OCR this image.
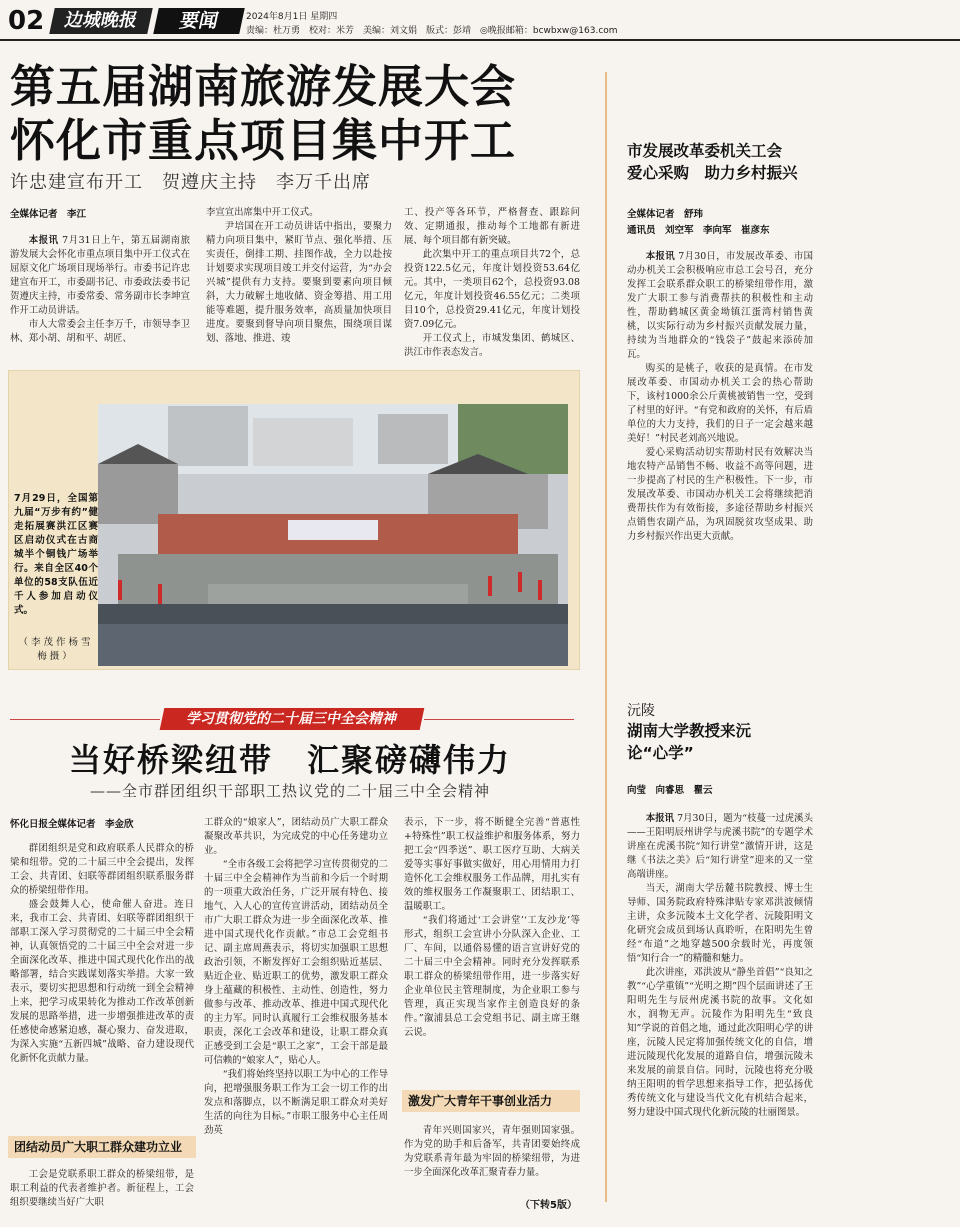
02	边城晚报	要闻	2024年8月1日 星期四
责编：杜万勇　校对：米芳　美编：刘文娟　版式：彭靖　◎晚报邮箱：bcwbxw@163.com
第五届湖南旅游发展大会
怀化市重点项目集中开工
许忠建宣布开工　贺遵庆主持　李万千出席
全媒体记者　李江

本报讯 7月31日上午，第五届湖南旅游发展大会怀化市重点项目集中开工仪式在屈原文化广场项目现场举行。市委书记许忠建宣布开工，市委副书记、市委政法委书记贺遵庆主持，市委常委、常务副市长李坤宣作开工动员讲话。

市人大常委会主任李万千，市领导李卫林、郑小胡、胡和平、胡匠、

李宣宣出席集中开工仪式。

尹培国在开工动员讲话中指出，要聚力精力向项目集中，紧盯节点、强化举措、压实责任，倒排工期、挂图作战，全力以赴按计划要求实现项目竣工并交付运营，为“办会兴城”提供有力支持。要聚到要素向项目倾斜，大力破解土地收储、资金筹措、用工用能等难题，提升服务效率，高质量加快项目进度。要聚到督导向项目聚焦，围绕项目谋划、落地、推进、竣

工、投产等各环节，严格督查、跟踪问效、定期通报，推动每个工地都有新进展、每个项目都有新突破。

此次集中开工的重点项目共72个，总投资122.5亿元，年度计划投资53.64亿元。其中，一类项目62个，总投资93.08亿元，年度计划投资46.55亿元；二类项目10个，总投资29.41亿元，年度计划投资7.09亿元。

开工仪式上，市城发集团、鹤城区、洪江市作表态发言。

7月29日，全国第九届“万步有约”健走拓展赛洪江区赛区启动仪式在古商城半个铜钱广场举行。来自全区40个单位的58支队伍近千人参加启动仪式。
（李茂作杨雪梅摄）
学习贯彻党的二十届三中全会精神
当好桥梁纽带　汇聚磅礴伟力
——全市群团组织干部职工热议党的二十届三中全会精神
怀化日报全媒体记者　李金欣

群团组织是党和政府联系人民群众的桥梁和纽带。党的二十届三中全会提出，发挥工会、共青团、妇联等群团组织联系服务群众的桥梁纽带作用。

盛会鼓舞人心，使命催人奋进。连日来，我市工会、共青团、妇联等群团组织干部职工深入学习贯彻党的二十届三中全会精神，认真领悟党的二十届三中全会对进一步全面深化改革、推进中国式现代化作出的战略部署，结合实践谋划落实举措。大家一致表示，要切实把思想和行动统一到全会精神上来，把学习成果转化为推动工作改革创新发展的思路举措，进一步增强推进改革的责任感使命感紧迫感，凝心聚力、奋发进取，为深入实施“五新四城”战略、奋力建设现代化新怀化贡献力量。

团结动员广大职工群众建功立业

工会是党联系职工群众的桥梁纽带，是职工利益的代表者维护者。新征程上，工会组织要继续当好广大职

工群众的“娘家人”，团结动员广大职工群众凝聚改革共识，为完成党的中心任务建功立业。

“全市各级工会将把学习宣传贯彻党的二十届三中全会精神作为当前和今后一个时期的一项重大政治任务，广泛开展有特色、接地气、入人心的宣传宣讲活动，团结动员全市广大职工群众为进一步全面深化改革、推进中国式现代化作贡献。”市总工会党组书记、副主席周燕表示，将切实加强职工思想政治引领，不断发挥好工会组织贴近基层、贴近企业、贴近职工的优势，激发职工群众身上蕴藏的积极性、主动性、创造性，努力做参与改革、推动改革、推进中国式现代化的主力军。同时认真履行工会维权服务基本职责，深化工会改革和建设，让职工群众真正感受到工会是“职工之家”，工会干部是最可信赖的“娘家人”，贴心人。

“我们将始终坚持以职工为中心的工作导向，把增强服务职工作为工会一切工作的出发点和落脚点，以不断满足职工群众对美好生活的向往为目标。”市职工服务中心主任周劲英

表示，下一步，将不断健全完善“普惠性+特殊性”职工权益维护和服务体系，努力把工会“四季送”、职工医疗互助、大病关爱等实事好事做实做好，用心用情用力打造怀化工会维权服务工作品牌，用扎实有效的维权服务工作凝聚职工、团结职工、温暖职工。

“我们将通过‘工会讲堂’‘工友沙龙’等形式，组织工会宣讲小分队深入企业、工厂、车间，以通俗易懂的语言宣讲好党的二十届三中全会精神。同时充分发挥联系职工群众的桥梁纽带作用，进一步落实好企业单位民主管理制度，为企业职工参与管理，真正实现当家作主创造良好的条件。”溆浦县总工会党组书记、副主席王继云说。

激发广大青年干事创业活力

青年兴则国家兴，青年强则国家强。作为党的助手和后备军，共青团要始终成为党联系青年最为牢固的桥梁纽带，为进一步全面深化改革汇聚青春力量。

（下转5版）
市发展改革委机关工会
爱心采购　助力乡村振兴
全媒体记者　舒玮
通讯员　刘空军　李向军　崔彦东

本报讯 7月30日，市发展改革委、市国动办机关工会积极响应市总工会号召，充分发挥工会联系群众职工的桥梁纽带作用，激发广大职工参与消费帮扶的积极性和主动性，帮助鹤城区黄金坳镇江蛋湾村销售黄桃，以实际行动为乡村振兴贡献发展力量，持续为当地群众的“钱袋子”鼓起来添砖加瓦。

购买的是桃子，收获的是真情。在市发展改革委、市国动办机关工会的热心帮助下，该村1000余公斤黄桃被销售一空，受到了村里的好评。“有党和政府的关怀，有后盾单位的大力支持，我们的日子一定会越来越美好！”村民老刘高兴地说。

爱心采购活动切实帮助村民有效解决当地农特产品销售不畅、收益不高等问题，进一步提高了村民的生产积极性。下一步，市发展改革委、市国动办机关工会将继续把消费帮扶作为有效衔接，多途径帮助乡村振兴点销售农副产品，为巩固脱贫攻坚成果、助力乡村振兴作出更大贡献。

沅陵
湖南大学教授来沅
论“心学”
向莹　向睿思　瞿云

本报讯 7月30日，题为“枝蔓一过虎溪头——王阳明辰州讲学与虎溪书院”的专题学术讲座在虎溪书院“知行讲堂”激情开讲，这是继《书法之美》后“知行讲堂”迎来的又一堂高端讲座。

当天，湖南大学岳麓书院教授、博士生导师、国务院政府特殊津贴专家邓洪波倾情主讲，众多沅陵本土文化学者、沅陵阳明文化研究会成员到场认真聆听，在阳明先生曾经“布道”之地穿越500余载时光，再度领悟“知行合一”的精髓和魅力。

此次讲座，邓洪波从“静坐首倡”“良知之教”“心学重镇”“光明之期”四个层面讲述了王阳明先生与辰州虎溪书院的故事。文化如水，润物无声。沅陵作为阳明先生“致良知”学说的首倡之地，通过此次阳明心学的讲座，沅陵人民定将加强传统文化的自信，增进沅陵现代化发展的道路自信，增强沅陵未来发展的前景自信。同时，沅陵也将充分吸纳王阳明的哲学思想来指导工作，把弘扬优秀传统文化与建设当代文化有机结合起来，努力建设中国式现代化新沅陵的壮丽图景。
